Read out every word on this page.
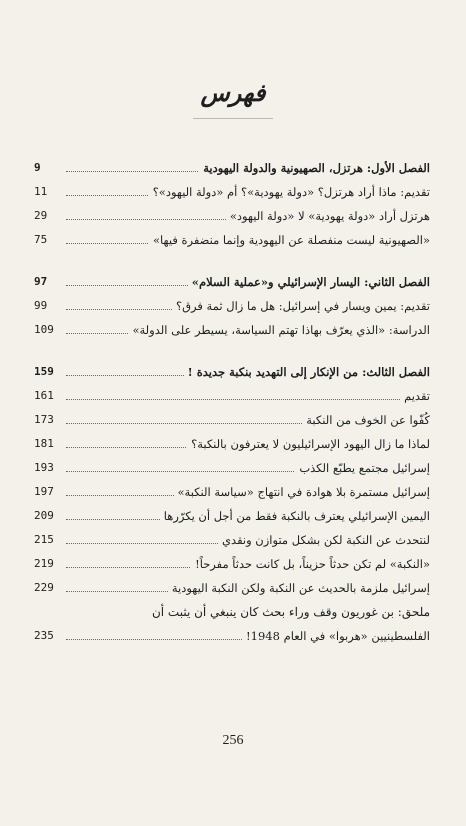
فهرس
9	الفصل الأول: هرتزل، الصهيونية والدولة اليهودية
11	تقديم: ماذا أراد هرتزل؟ «دولة يهودية»؟ أم «دولة اليهود»؟
29	هرتزل أراد «دولة يهودية» لا «دولة اليهود»
75	«الصهيونية ليست منفصلة عن اليهودية وإنما منضفرة فيها»
97	الفصل الثاني: اليسار الإسرائيلي و«عملية السلام»
99	تقديم: يمين ويسار في إسرائيل: هل ما زال ثمة فرق؟
109	الدراسة: «الذي يعرّف بهاذا تهتم السياسة، يسيطر على الدولة»
159	الفصل الثالث: من الإنكار إلى التهديد بنكبة جديدة !
161	تقديم
173	كُفّوا عن الخوف من النكبة
181	لماذا ما زال اليهود الإسرائيليون لا يعترفون بالنكبة؟
193	إسرائيل مجتمع يطبّع الكذب
197	إسرائيل مستمرة بلا هوادة في انتهاج «سياسة النكبة»
209	اليمين الإسرائيلي يعترف بالنكبة فقط من أجل أن يكرّرها
215	لنتحدث عن النكبة لكن بشكل متوازن ونقدي
219	«النكبة» لم تكن حدثاً حزيناً، بل كانت حدثاً مفرحاً!
229	إسرائيل ملزمة بالحديث عن النكبة ولكن النكبة اليهودية
ملحق: بن غوريون وقف وراء بحث كان ينبغي أن يثبت أن
235	الفلسطينيين «هربوا» في العام 1948!
256
